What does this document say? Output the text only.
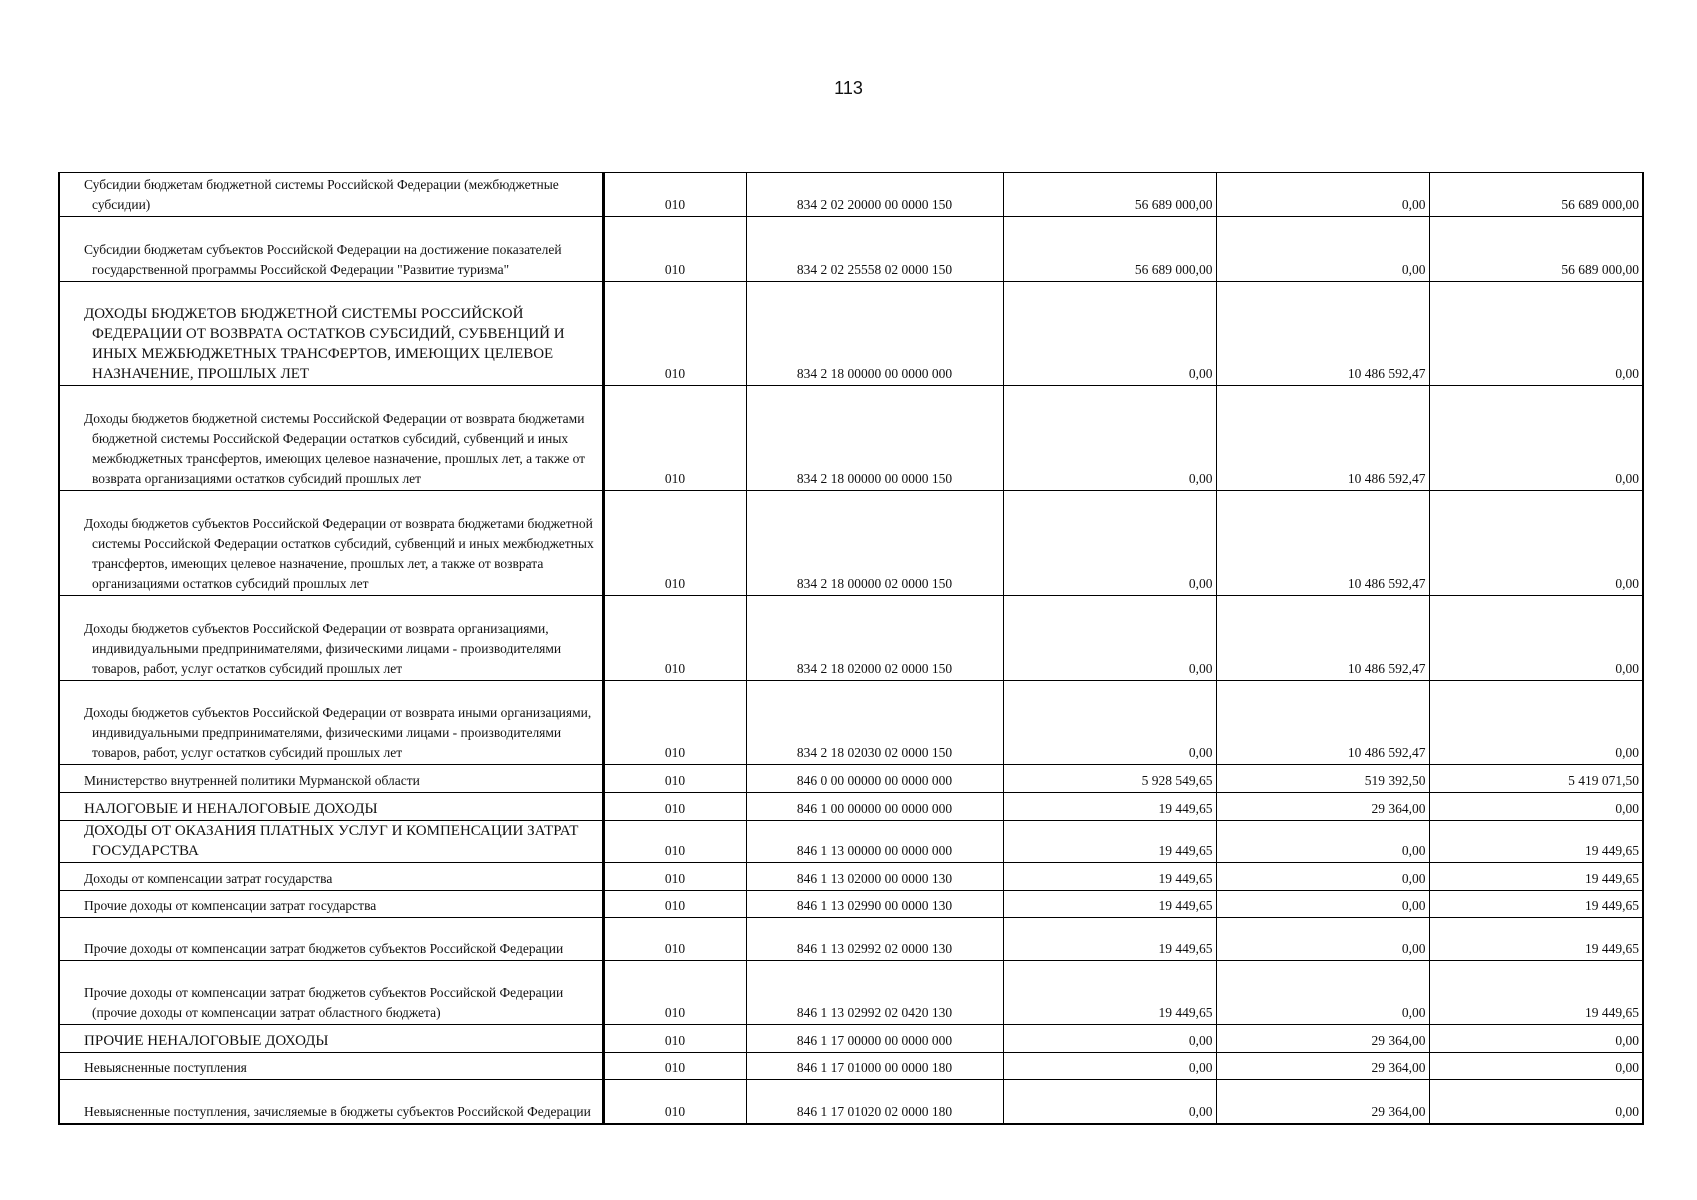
113
Субсидии бюджетам бюджетной системы Российской Федерации (межбюджетные субсидии)	010	834 2 02 20000 00 0000 150	56 689 000,00	0,00	56 689 000,00
Субсидии бюджетам субъектов Российской Федерации на достижение показателей государственной программы Российской Федерации "Развитие туризма"	010	834 2 02 25558 02 0000 150	56 689 000,00	0,00	56 689 000,00
ДОХОДЫ БЮДЖЕТОВ БЮДЖЕТНОЙ СИСТЕМЫ РОССИЙСКОЙ ФЕДЕРАЦИИ ОТ ВОЗВРАТА ОСТАТКОВ СУБСИДИЙ, СУБВЕНЦИЙ И ИНЫХ МЕЖБЮДЖЕТНЫХ ТРАНСФЕРТОВ, ИМЕЮЩИХ ЦЕЛЕВОЕ НАЗНАЧЕНИЕ, ПРОШЛЫХ ЛЕТ	010	834 2 18 00000 00 0000 000	0,00	10 486 592,47	0,00
Доходы бюджетов бюджетной системы Российской Федерации от возврата бюджетами бюджетной системы Российской Федерации остатков субсидий, субвенций и иных межбюджетных трансфертов, имеющих целевое назначение, прошлых лет, а также от возврата организациями остатков субсидий прошлых лет	010	834 2 18 00000 00 0000 150	0,00	10 486 592,47	0,00
Доходы бюджетов субъектов Российской Федерации от возврата бюджетами бюджетной системы Российской Федерации остатков субсидий, субвенций и иных межбюджетных трансфертов, имеющих целевое назначение, прошлых лет, а также от возврата организациями остатков субсидий прошлых лет	010	834 2 18 00000 02 0000 150	0,00	10 486 592,47	0,00
Доходы бюджетов субъектов Российской Федерации от возврата организациями, индивидуальными предпринимателями, физическими лицами - производителями товаров, работ, услуг остатков субсидий прошлых лет	010	834 2 18 02000 02 0000 150	0,00	10 486 592,47	0,00
Доходы бюджетов субъектов Российской Федерации от возврата иными организациями, индивидуальными предпринимателями, физическими лицами - производителями товаров, работ, услуг остатков субсидий прошлых лет	010	834 2 18 02030 02 0000 150	0,00	10 486 592,47	0,00
Министерство внутренней политики Мурманской области	010	846 0 00 00000 00 0000 000	5 928 549,65	519 392,50	5 419 071,50
НАЛОГОВЫЕ И НЕНАЛОГОВЫЕ ДОХОДЫ	010	846 1 00 00000 00 0000 000	19 449,65	29 364,00	0,00
ДОХОДЫ ОТ ОКАЗАНИЯ ПЛАТНЫХ УСЛУГ И КОМПЕНСАЦИИ ЗАТРАТ ГОСУДАРСТВА	010	846 1 13 00000 00 0000 000	19 449,65	0,00	19 449,65
Доходы от компенсации затрат государства	010	846 1 13 02000 00 0000 130	19 449,65	0,00	19 449,65
Прочие доходы от компенсации затрат государства	010	846 1 13 02990 00 0000 130	19 449,65	0,00	19 449,65
Прочие доходы от компенсации затрат бюджетов субъектов Российской Федерации	010	846 1 13 02992 02 0000 130	19 449,65	0,00	19 449,65
Прочие доходы от компенсации затрат бюджетов субъектов Российской Федерации (прочие доходы от компенсации затрат областного бюджета)	010	846 1 13 02992 02 0420 130	19 449,65	0,00	19 449,65
ПРОЧИЕ НЕНАЛОГОВЫЕ ДОХОДЫ	010	846 1 17 00000 00 0000 000	0,00	29 364,00	0,00
Невыясненные поступления	010	846 1 17 01000 00 0000 180	0,00	29 364,00	0,00
Невыясненные поступления, зачисляемые в бюджеты субъектов Российской Федерации	010	846 1 17 01020 02 0000 180	0,00	29 364,00	0,00
